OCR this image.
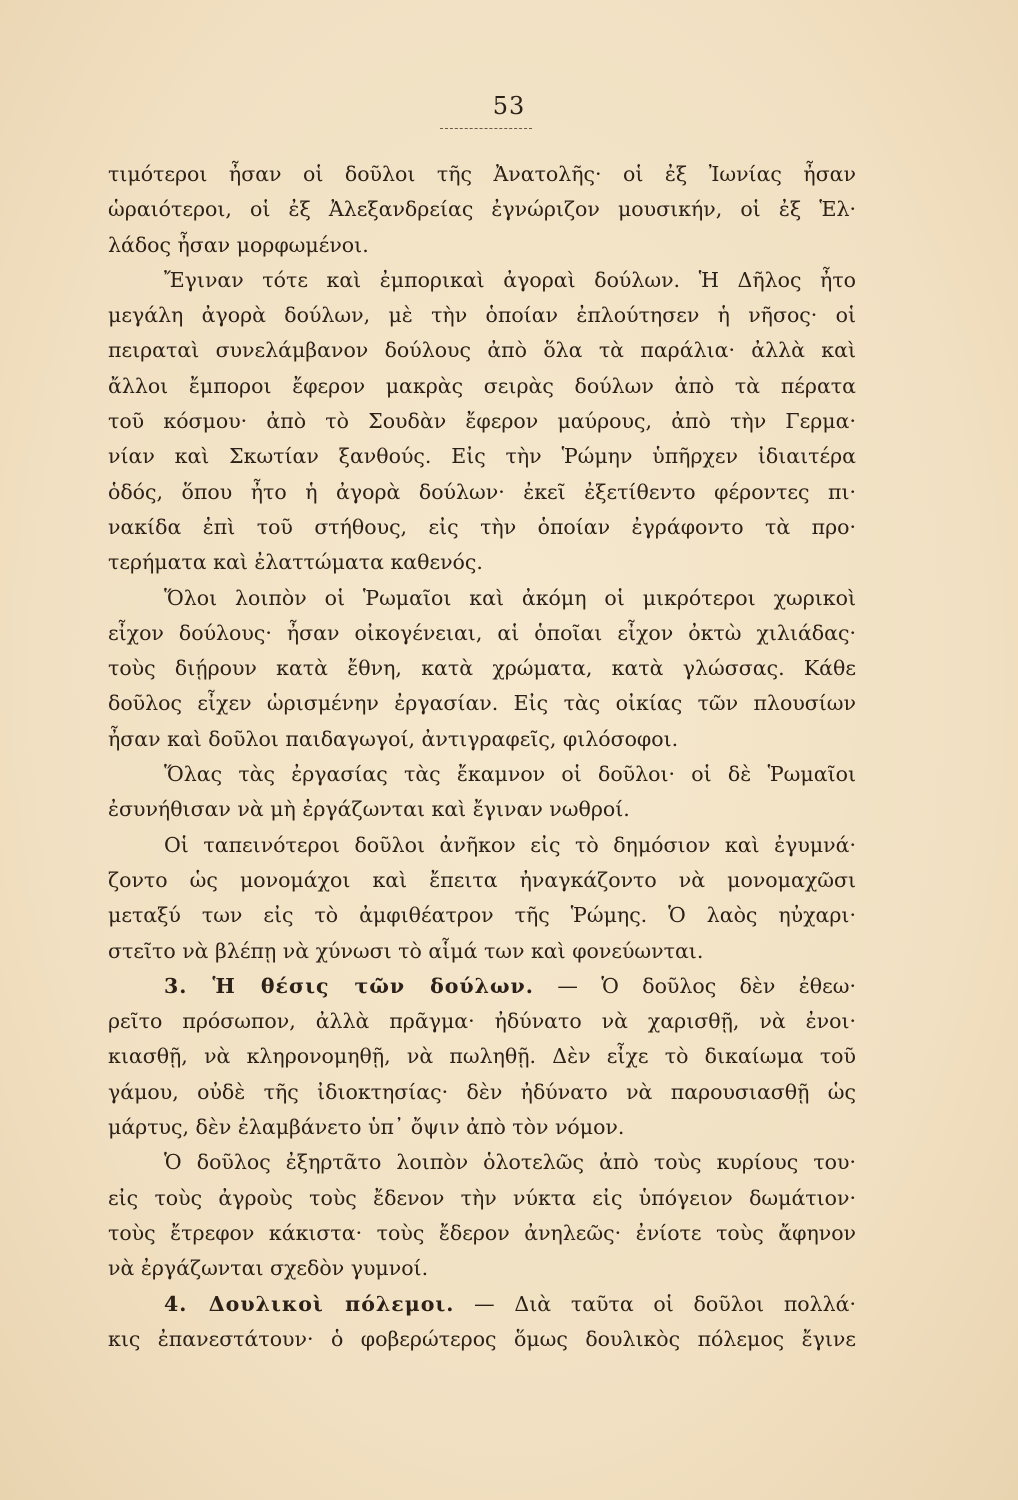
53
τιμότεροι ἦσαν οἱ δοῦλοι τῆς Ἀνατολῆς· οἱ ἐξ Ἰωνίας ἦσαν
ὡραιότεροι, οἱ ἐξ Ἀλεξανδρείας ἐγνώριζον μουσικήν, οἱ ἐξ Ἑλ·
λάδος ἦσαν μορφωμένοι.
Ἔγιναν τότε καὶ ἐμπορικαὶ ἀγοραὶ δούλων. Ἡ Δῆλος ἦτο
μεγάλη ἀγορὰ δούλων, μὲ τὴν ὁποίαν ἐπλούτησεν ἡ νῆσος· οἱ
πειραταὶ συνελάμβανον δούλους ἀπὸ ὅλα τὰ παράλια· ἀλλὰ καὶ
ἄλλοι ἔμποροι ἔφερον μακρὰς σειρὰς δούλων ἀπὸ τὰ πέρατα
τοῦ κόσμου· ἀπὸ τὸ Σουδὰν ἔφερον μαύρους, ἀπὸ τὴν Γερμα·
νίαν καὶ Σκωτίαν ξανθούς. Εἰς τὴν Ῥώμην ὑπῆρχεν ἰδιαιτέρα
ὁδός, ὅπου ἦτο ἡ ἀγορὰ δούλων· ἐκεῖ ἐξετίθεντο φέροντες πι·
νακίδα ἐπὶ τοῦ στήθους, εἰς τὴν ὁποίαν ἐγράφοντο τὰ προ·
τερήματα καὶ ἐλαττώματα καθενός.
Ὅλοι λοιπὸν οἱ Ῥωμαῖοι καὶ ἀκόμη οἱ μικρότεροι χωρικοὶ
εἶχον δούλους· ἦσαν οἰκογένειαι, αἱ ὁποῖαι εἶχον ὀκτὼ χιλιάδας·
τοὺς διῄρουν κατὰ ἔθνη, κατὰ χρώματα, κατὰ γλώσσας. Κάθε
δοῦλος εἶχεν ὡρισμένην ἐργασίαν. Εἰς τὰς οἰκίας τῶν πλουσίων
ἦσαν καὶ δοῦλοι παιδαγωγοί, ἀντιγραφεῖς, φιλόσοφοι.
Ὅλας τὰς ἐργασίας τὰς ἔκαμνον οἱ δοῦλοι· οἱ δὲ Ῥωμαῖοι
ἐσυνήθισαν νὰ μὴ ἐργάζωνται καὶ ἔγιναν νωθροί.
Οἱ ταπεινότεροι δοῦλοι ἀνῆκον εἰς τὸ δημόσιον καὶ ἐγυμνά·
ζοντο ὡς μονομάχοι καὶ ἔπειτα ἠναγκάζοντο νὰ μονομαχῶσι
μεταξύ των εἰς τὸ ἀμφιθέατρον τῆς Ῥώμης. Ὁ λαὸς ηὐχαρι·
στεῖτο νὰ βλέπῃ νὰ χύνωσι τὸ αἷμά των καὶ φονεύωνται.
3. Ἡ θέσις τῶν δούλων. — Ὁ δοῦλος δὲν ἐθεω·
ρεῖτο πρόσωπον, ἀλλὰ πρᾶγμα· ἠδύνατο νὰ χαρισθῇ, νὰ ἐνοι·
κιασθῇ, νὰ κληρονομηθῇ, νὰ πωληθῇ. Δὲν εἶχε τὸ δικαίωμα τοῦ
γάμου, οὐδὲ τῆς ἰδιοκτησίας· δὲν ἠδύνατο νὰ παρουσιασθῇ ὡς
μάρτυς, δὲν ἐλαμβάνετο ὑπ᾽ ὄψιν ἀπὸ τὸν νόμον.
Ὁ δοῦλος ἐξηρτᾶτο λοιπὸν ὁλοτελῶς ἀπὸ τοὺς κυρίους του·
εἰς τοὺς ἀγροὺς τοὺς ἔδενον τὴν νύκτα εἰς ὑπόγειον δωμάτιον·
τοὺς ἔτρεφον κάκιστα· τοὺς ἔδερον ἀνηλεῶς· ἐνίοτε τοὺς ἄφηνον
νὰ ἐργάζωνται σχεδὸν γυμνοί.
4. Δουλικοὶ πόλεμοι. — Διὰ ταῦτα οἱ δοῦλοι πολλά·
κις ἐπανεστάτουν· ὁ φοβερώτερος ὅμως δουλικὸς πόλεμος ἔγινε
